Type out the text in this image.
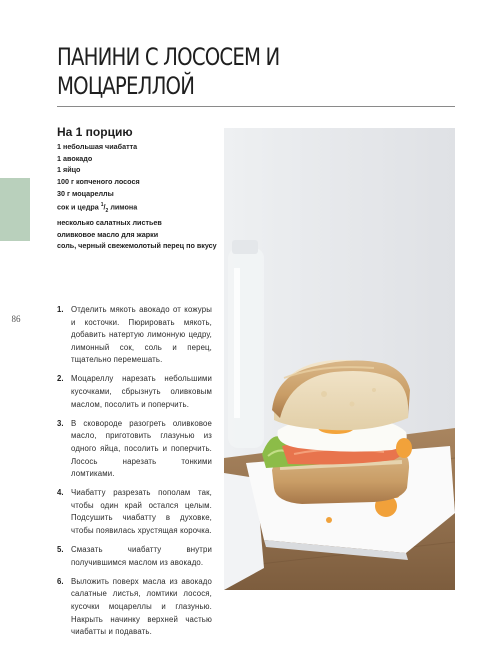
86
ПАНИНИ С ЛОСОСЕМ И МОЦАРЕЛЛОЙ
На 1 порцию
1 небольшая чиабатта
1 авокадо
1 яйцо
100 г копченого лосося
30 г моцареллы
сок и цедра $^1/_2$ лимона
несколько салатных листьев
оливковое масло для жарки
соль, черный свежемолотый перец по вкусу
1. Отделить мякоть авокадо от кожуры и косточки. Пюрировать мякоть, добавить натертую лимонную цедру, лимонный сок, соль и перец, тщательно перемешать.
2. Моцареллу нарезать небольшими кусочками, сбрызнуть оливковым маслом, посолить и поперчить.
3. В сковороде разогреть оливковое масло, приготовить глазунью из одного яйца, посолить и поперчить. Лосось нарезать тонкими ломтиками.
4. Чиабатту разрезать пополам так, чтобы один край остался целым. Подсушить чиабатту в духовке, чтобы появилась хрустящая корочка.
5. Смазать чиабатту внутри получившимся маслом из авокадо.
6. Выложить поверх масла из авокадо салатные листья, ломтики лосося, кусочки моцареллы и глазунью. Накрыть начинку верхней частью чиабатты и подавать.
